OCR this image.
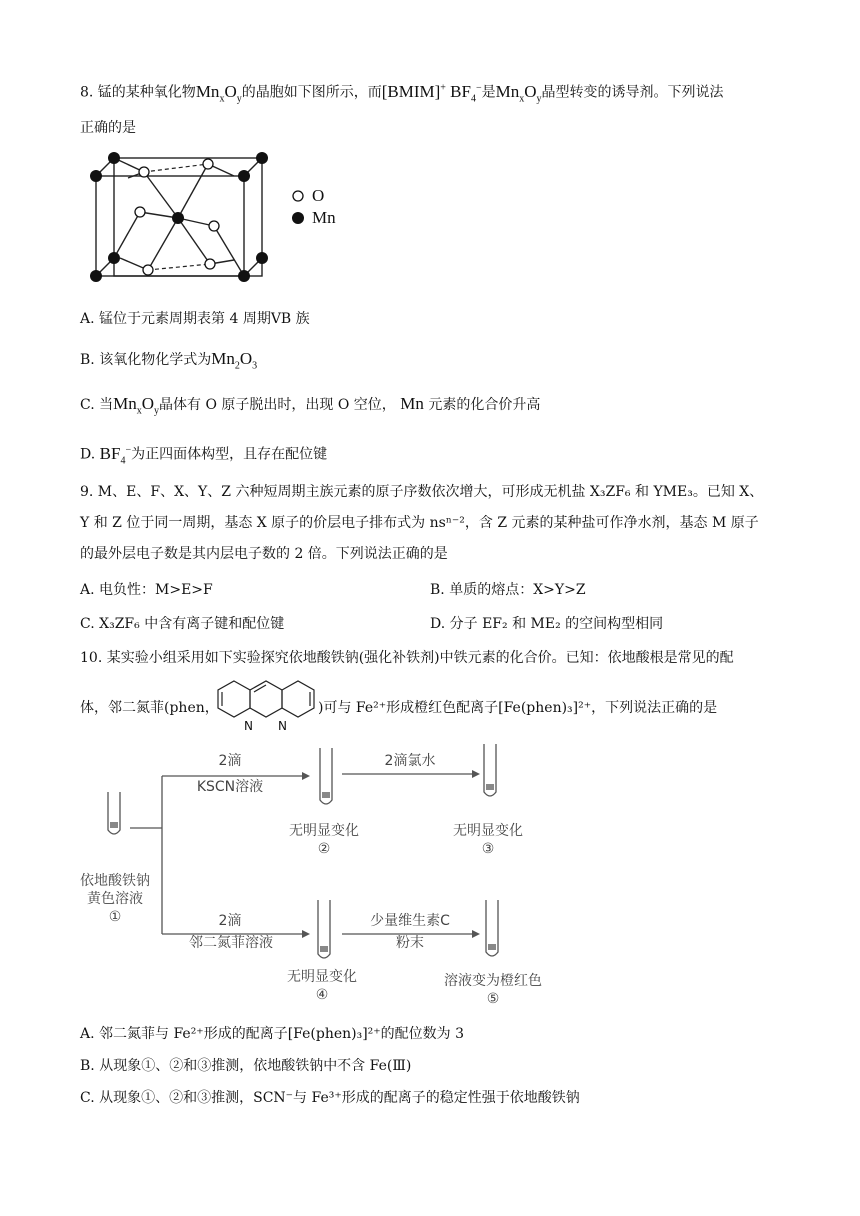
8. 锰的某种氧化物$Mn_xO_y$的晶胞如下图所示，而[BMIM]+ $BF_4^-$是$Mn_xO_y$晶型转变的诱导剂。下列说法
正确的是
O
Mn
A. 锰位于元素周期表第 4 周期ⅤB 族
B. 该氧化物化学式为$Mn_2O_3$
C. 当$Mn_xO_y$晶体有 O 原子脱出时，出现 O 空位， Mn 元素的化合价升高
D. $BF_4^-$为正四面体构型，且存在配位键
9. M、E、F、X、Y、Z 六种短周期主族元素的原子序数依次增大，可形成无机盐 X₃ZF₆ 和 YME₃。已知 X、
Y 和 Z 位于同一周期，基态 X 原子的价层电子排布式为 nsⁿ⁻²，含 Z 元素的某种盐可作净水剂，基态 M 原子
的最外层电子数是其内层电子数的 2 倍。下列说法正确的是
A. 电负性：M>E>F	B. 单质的熔点：X>Y>Z
C. X₃ZF₆ 中含有离子键和配位键	D. 分子 EF₂ 和 ME₂ 的空间构型相同
10. 某实验小组采用如下实验探究依地酸铁钠(强化补铁剂)中铁元素的化合价。已知：依地酸根是常见的配
体，邻二氮菲(phen，
N N
)可与 Fe²⁺形成橙红色配离子[Fe(phen)₃]²⁺，下列说法正确的是
依地酸铁钠
黄色溶液
①
2滴
KSCN溶液
无明显变化
②
2滴氯水
无明显变化
③
2滴
邻二氮菲溶液
无明显变化
④
少量维生素C
粉末
溶液变为橙红色
⑤
A. 邻二氮菲与 Fe²⁺形成的配离子[Fe(phen)₃]²⁺的配位数为 3
B. 从现象①、②和③推测，依地酸铁钠中不含 Fe(Ⅲ)
C. 从现象①、②和③推测，SCN⁻与 Fe³⁺形成的配离子的稳定性强于依地酸铁钠
